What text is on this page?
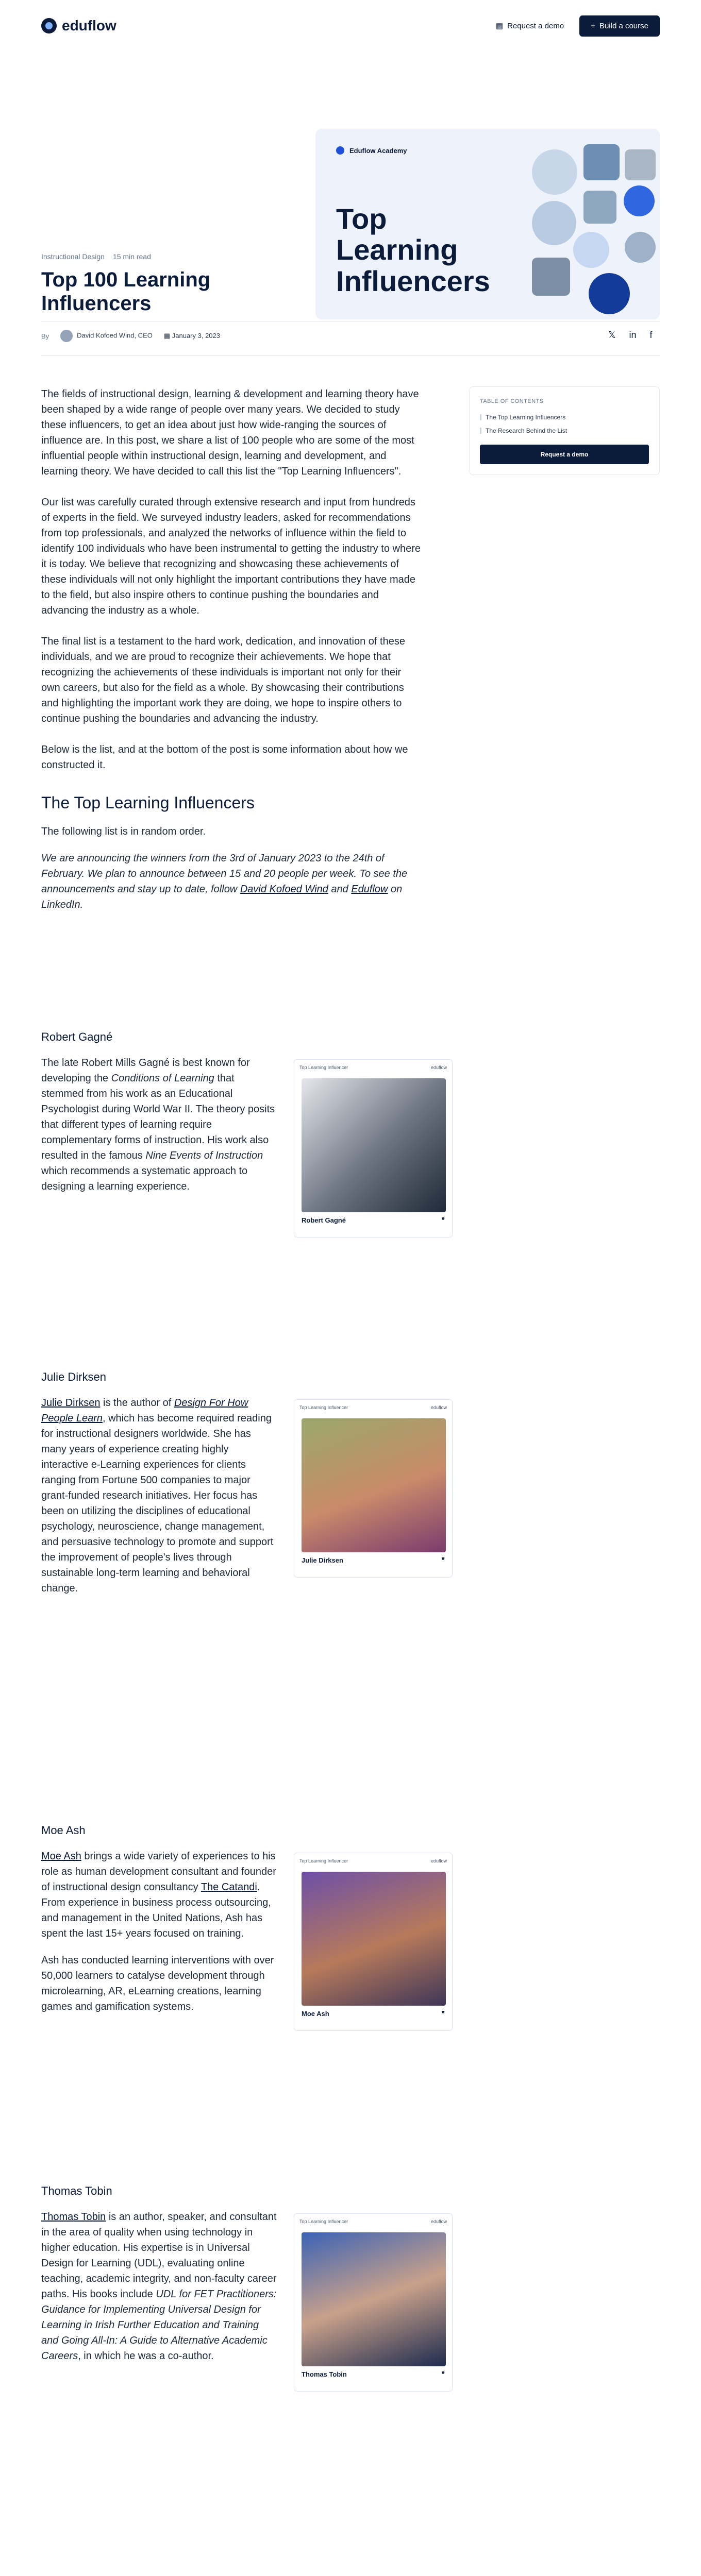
eduflow	▦ Request a demo	+ Build a course
Eduflow Academy
Top Learning Influencers
Instructional Design 15 min read
Top 100 Learning Influencers
By	David Kofoed Wind, CEO ▦ January 3, 2023	𝕏 in f
TABLE OF CONTENTS
The Top Learning Influencers
The Research Behind the List
Request a demo

The fields of instructional design, learning & development and learning theory have been shaped by a wide range of people over many years. We decided to study these influencers, to get an idea about just how wide-ranging the sources of influence are. In this post, we share a list of 100 people who are some of the most influential people within instructional design, learning and development, and learning theory. We have decided to call this list the "Top Learning Influencers".

Our list was carefully curated through extensive research and input from hundreds of experts in the field. We surveyed industry leaders, asked for recommendations from top professionals, and analyzed the networks of influence within the field to identify 100 individuals who have been instrumental to getting the industry to where it is today. We believe that recognizing and showcasing these achievements of these individuals will not only highlight the important contributions they have made to the field, but also inspire others to continue pushing the boundaries and advancing the industry as a whole.

The final list is a testament to the hard work, dedication, and innovation of these individuals, and we are proud to recognize their achievements. We hope that recognizing the achievements of these individuals is important not only for their own careers, but also for the field as a whole. By showcasing their contributions and highlighting the important work they are doing, we hope to inspire others to continue pushing the boundaries and advancing the industry.

Below is the list, and at the bottom of the post is some information about how we constructed it.

The Top Learning Influencers

The following list is in random order.

We are announcing the winners from the 3rd of January 2023 to the 24th of February. We plan to announce between 15 and 20 people per week. To see the announcements and stay up to date, follow David Kofoed Wind and Eduflow on LinkedIn.

Robert Gagné

The late Robert Mills Gagné is best known for developing the Conditions of Learning that stemmed from his work as an Educational Psychologist during World War II. The theory posits that different types of learning require complementary forms of instruction. His work also resulted in the famous Nine Events of Instruction which recommends a systematic approach to designing a learning experience.

Top Learning Influencer	eduflow
Robert Gagné	❞
Julie Dirksen

Julie Dirksen is the author of Design For How People Learn, which has become required reading for instructional designers worldwide. She has many years of experience creating highly interactive e-Learning experiences for clients ranging from Fortune 500 companies to major grant-funded research initiatives. Her focus has been on utilizing the disciplines of educational psychology, neuroscience, change management, and persuasive technology to promote and support the improvement of people's lives through sustainable long-term learning and behavioral change.

Top Learning Influencer	eduflow
Julie Dirksen	❞
Moe Ash

Moe Ash brings a wide variety of experiences to his role as human development consultant and founder of instructional design consultancy The Catandi. From experience in business process outsourcing, and management in the United Nations, Ash has spent the last 15+ years focused on training.

Ash has conducted learning interventions with over 50,000 learners to catalyse development through microlearning, AR, eLearning creations, learning games and gamification systems.

Top Learning Influencer	eduflow
Moe Ash	❞
Thomas Tobin

Thomas Tobin is an author, speaker, and consultant in the area of quality when using technology in higher education. His expertise is in Universal Design for Learning (UDL), evaluating online teaching, academic integrity, and non-faculty career paths. His books include UDL for FET Practitioners: Guidance for Implementing Universal Design for Learning in Irish Further Education and Training and Going All-In: A Guide to Alternative Academic Careers, in which he was a co-author.

Top Learning Influencer	eduflow
Thomas Tobin	❞
